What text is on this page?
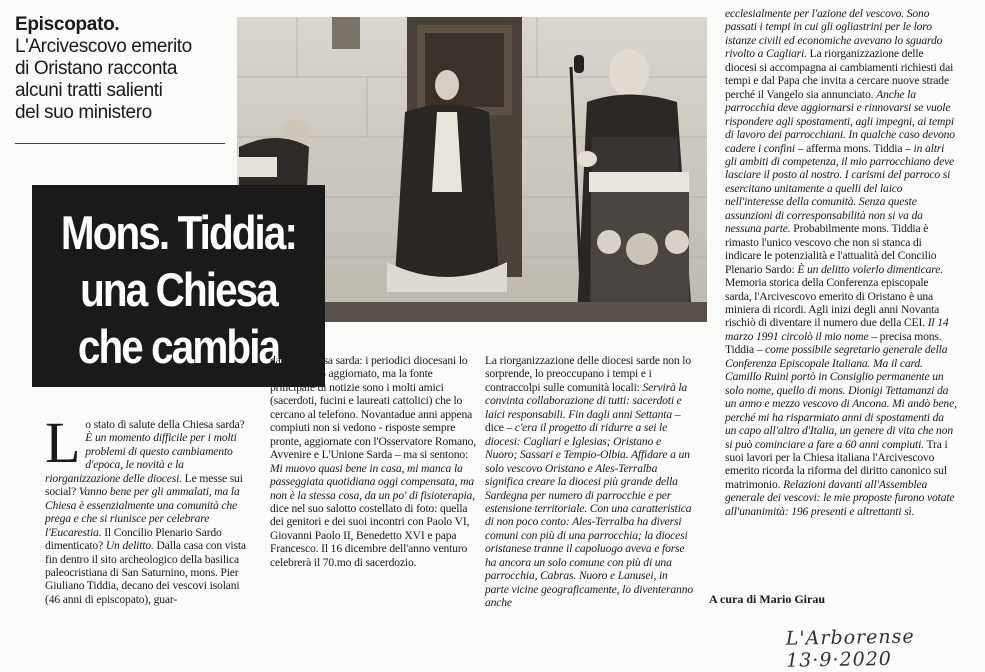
Episcopato.
L'Arcivescovo emerito
di Oristano racconta
alcuni tratti salienti
del suo ministero
Mons. Tiddia:
una Chiesa
che cambia
L o stato di salute della Chiesa sarda? È un momento difficile per i molti problemi di questo cambiamento d'epoca, le novità e la riorganizzazione delle diocesi. Le messe sui social? Vanno bene per gli ammalati, ma la Chiesa è essenzialmente una comunità che prega e che si riunisce per celebrare l'Eucarestia. Il Concilio Plenario Sardo dimenticato? Un delitto. Dalla casa con vista fin dentro il sito archeologico della basilica paleocristiana di San Saturnino, mons. Pier Giuliano Tiddia, decano dei vescovi isolani (46 anni di episcopato), guar-

da alla Chiesa sarda: i periodici diocesani lo mantengono aggiornato, ma la fonte principale di notizie sono i molti amici (sacerdoti, fucini e laureati cattolici) che lo cercano al telefono. Novantadue anni appena compiuti non si vedono - risposte sempre pronte, aggiornate con l'Osservatore Romano, Avvenire e L'Unione Sarda – ma si sentono: Mi muovo quasi bene in casa, mi manca la passeggiata quotidiana oggi compensata, ma non è la stessa cosa, da un po' di fisioterapia, dice nel suo salotto costellato di foto: quella dei genitori e dei suoi incontri con Paolo VI, Giovanni Paolo II, Benedetto XVI e papa Francesco. Il 16 dicembre dell'anno venturo celebrerà il 70.mo di sacerdozio.

La riorganizzazione delle diocesi sarde non lo sorprende, lo preoccupano i tempi e i contraccolpi sulle comunità locali: Servirà la convinta collaborazione di tutti: sacerdoti e laici responsabili. Fin dagli anni Settanta – dice – c'era il progetto di ridurre a sei le diocesi: Cagliari e Iglesias; Oristano e Nuoro; Sassari e Tempio-Olbia. Affidare a un solo vescovo Oristano e Ales-Terralba significa creare la diocesi più grande della Sardegna per numero di parrocchie e per estensione territoriale. Con una caratteristica di non poco conto: Ales-Terralba ha diversi comuni con più di una parrocchia; la diocesi oristanese tranne il capoluogo aveva e forse ha ancora un solo comune con più di una parrocchia, Cabras. Nuoro e Lanusei, in parte vicine geograficamente, lo diventeranno anche

ecclesialmente per l'azione del vescovo. Sono passati i tempi in cui gli ogliastrini per le loro istanze civili ed economiche avevano lo sguardo rivolto a Cagliari. La riorganizzazione delle diocesi si accompagna ai cambiamenti richiesti dai tempi e dal Papa che invita a cercare nuove strade perché il Vangelo sia annunciato. Anche la parrocchia deve aggiornarsi e rinnovarsi se vuole rispondere agli spostamenti, agli impegni, ai tempi di lavoro dei parrocchiani. In qualche caso devono cadere i confini – afferma mons. Tiddia – in altri gli ambiti di competenza, il mio parrocchiano deve lasciare il posto al nostro. I carismi del parroco si esercitano unitamente a quelli del laico nell'interesse della comunità. Senza queste assunzioni di corresponsabilità non si va da nessuna parte. Probabilmente mons. Tiddia è rimasto l'unico vescovo che non si stanca di indicare le potenzialità e l'attualità del Concilio Plenario Sardo: È un delitto volerlo dimenticare. Memoria storica della Conferenza episcopale sarda, l'Arcivescovo emerito di Oristano è una miniera di ricordi. Agli inizi degli anni Novanta rischiò di diventare il numero due della CEI. Il 14 marzo 1991 circolò il mio nome – precisa mons. Tiddia – come possibile segretario generale della Conferenza Episcopale Italiana. Ma il card. Camillo Ruini portò in Consiglio permanente un solo nome, quello di mons. Dionigi Tettamanzi da un anno e mezzo vescovo di Ancona. Mi andò bene, perché mi ha risparmiato anni di spostamenti da un capo all'altro d'Italia, un genere di vita che non si può cominciare a fare a 60 anni compiuti. Tra i suoi lavori per la Chiesa italiana l'Arcivescovo emerito ricorda la riforma del diritto canonico sul matrimonio. Relazioni davanti all'Assemblea generale dei vescovi: le mie proposte furono votate all'unanimità: 196 presenti e altrettanti sì.

A cura di Mario Girau
L'Arborense 13·9·2020
